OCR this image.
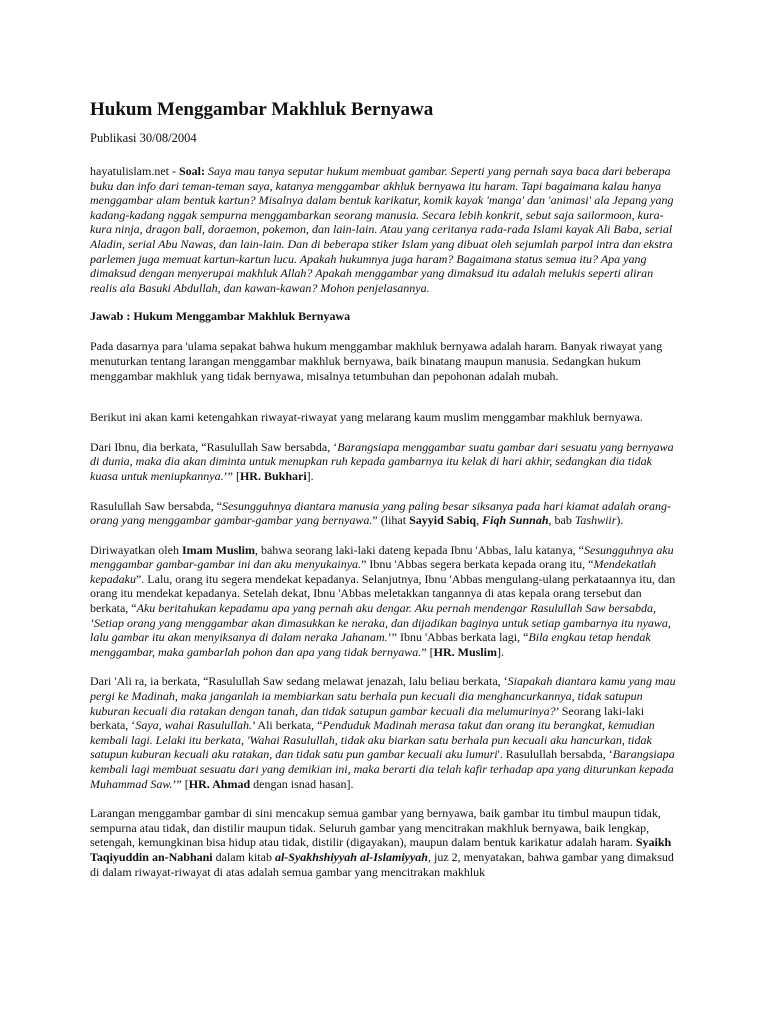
Hukum Menggambar Makhluk Bernyawa
Publikasi 30/08/2004

hayatulislam.net - Soal: Saya mau tanya seputar hukum membuat gambar. Seperti yang pernah saya baca dari beberapa buku dan info dari teman-teman saya, katanya menggambar akhluk bernyawa itu haram. Tapi bagaimana kalau hanya menggambar alam bentuk kartun? Misalnya dalam bentuk karikatur, komik kayak 'manga' dan 'animasi' ala Jepang yang kadang-kadang nggak sempurna menggambarkan seorang manusia. Secara lebih konkrit, sebut saja sailormoon, kura-kura ninja, dragon ball, doraemon, pokemon, dan lain-lain. Atau yang ceritanya rada-rada Islami kayak Ali Baba, serial Aladin, serial Abu Nawas, dan lain-lain. Dan di beberapa stiker Islam yang dibuat oleh sejumlah parpol intra dan ekstra parlemen juga memuat kartun-kartun lucu. Apakah hukumnya juga haram? Bagaimana status semua itu? Apa yang dimaksud dengan menyerupai makhluk Allah? Apakah menggambar yang dimaksud itu adalah melukis seperti aliran realis ala Basuki Abdullah, dan kawan-kawan? Mohon penjelasannya.

Jawab : Hukum Menggambar Makhluk Bernyawa

Pada dasarnya para 'ulama sepakat bahwa hukum menggambar makhluk bernyawa adalah haram. Banyak riwayat yang menuturkan tentang larangan menggambar makhluk bernyawa, baik binatang maupun manusia. Sedangkan hukum menggambar makhluk yang tidak bernyawa, misalnya tetumbuhan dan pepohonan adalah mubah.

Berikut ini akan kami ketengahkan riwayat-riwayat yang melarang kaum muslim menggambar makhluk bernyawa.

Dari Ibnu, dia berkata, “Rasulullah Saw bersabda, ‘Barangsiapa menggambar suatu gambar dari sesuatu yang bernyawa di dunia, maka dia akan diminta untuk menupkan ruh kepada gambarnya itu kelak di hari akhir, sedangkan dia tidak kuasa untuk meniupkannya.’” [HR. Bukhari].

Rasulullah Saw bersabda, “Sesungguhnya diantara manusia yang paling besar siksanya pada hari kiamat adalah orang-orang yang menggambar gambar-gambar yang bernyawa.” (lihat Sayyid Sabiq, Fiqh Sunnah, bab Tashwiir).

Diriwayatkan oleh Imam Muslim, bahwa seorang laki-laki dateng kepada Ibnu 'Abbas, lalu katanya, “Sesungguhnya aku menggambar gambar-gambar ini dan aku menyukainya.” Ibnu 'Abbas segera berkata kepada orang itu, “Mendekatlah kepadaku”. Lalu, orang itu segera mendekat kepadanya. Selanjutnya, Ibnu 'Abbas mengulang-ulang perkataannya itu, dan orang itu mendekat kepadanya. Setelah dekat, Ibnu 'Abbas meletakkan tangannya di atas kepala orang tersebut dan berkata, “Aku beritahukan kepadamu apa yang pernah aku dengar. Aku pernah mendengar Rasulullah Saw bersabda, ‘Setiap orang yang menggambar akan dimasukkan ke neraka, dan dijadikan baginya untuk setiap gambarnya itu nyawa, lalu gambar itu akan menyiksanya di dalam neraka Jahanam.’” Ibnu 'Abbas berkata lagi, “Bila engkau tetap hendak menggambar, maka gambarlah pohon dan apa yang tidak bernyawa.” [HR. Muslim].

Dari 'Ali ra, ia berkata, “Rasulullah Saw sedang melawat jenazah, lalu beliau berkata, ‘Siapakah diantara kamu yang mau pergi ke Madinah, maka janganlah ia membiarkan satu berhala pun kecuali dia menghancurkannya, tidak satupun kuburan kecuali dia ratakan dengan tanah, dan tidak satupun gambar kecuali dia melumurinya?’ Seorang laki-laki berkata, ‘Saya, wahai Rasulullah.’ Ali berkata, “Penduduk Madinah merasa takut dan orang itu berangkat, kemudian kembali lagi. Lelaki itu berkata, 'Wahai Rasulullah, tidak aku biarkan satu berhala pun kecuali aku hancurkan, tidak satupun kuburan kecuali aku ratakan, dan tidak satu pun gambar kecuali aku lumuri'. Rasulullah bersabda, ‘Barangsiapa kembali lagi membuat sesuatu dari yang demikian ini, maka berarti dia telah kafir terhadap apa yang diturunkan kepada Muhammad Saw.’” [HR. Ahmad dengan isnad hasan].

Larangan menggambar gambar di sini mencakup semua gambar yang bernyawa, baik gambar itu timbul maupun tidak, sempurna atau tidak, dan distilir maupun tidak. Seluruh gambar yang mencitrakan makhluk bernyawa, baik lengkap, setengah, kemungkinan bisa hidup atau tidak, distilir (digayakan), maupun dalam bentuk karikatur adalah haram. Syaikh Taqiyuddin an-Nabhani dalam kitab al-Syakhshiyyah al-Islamiyyah, juz 2, menyatakan, bahwa gambar yang dimaksud di dalam riwayat-riwayat di atas adalah semua gambar yang mencitrakan makhluk
